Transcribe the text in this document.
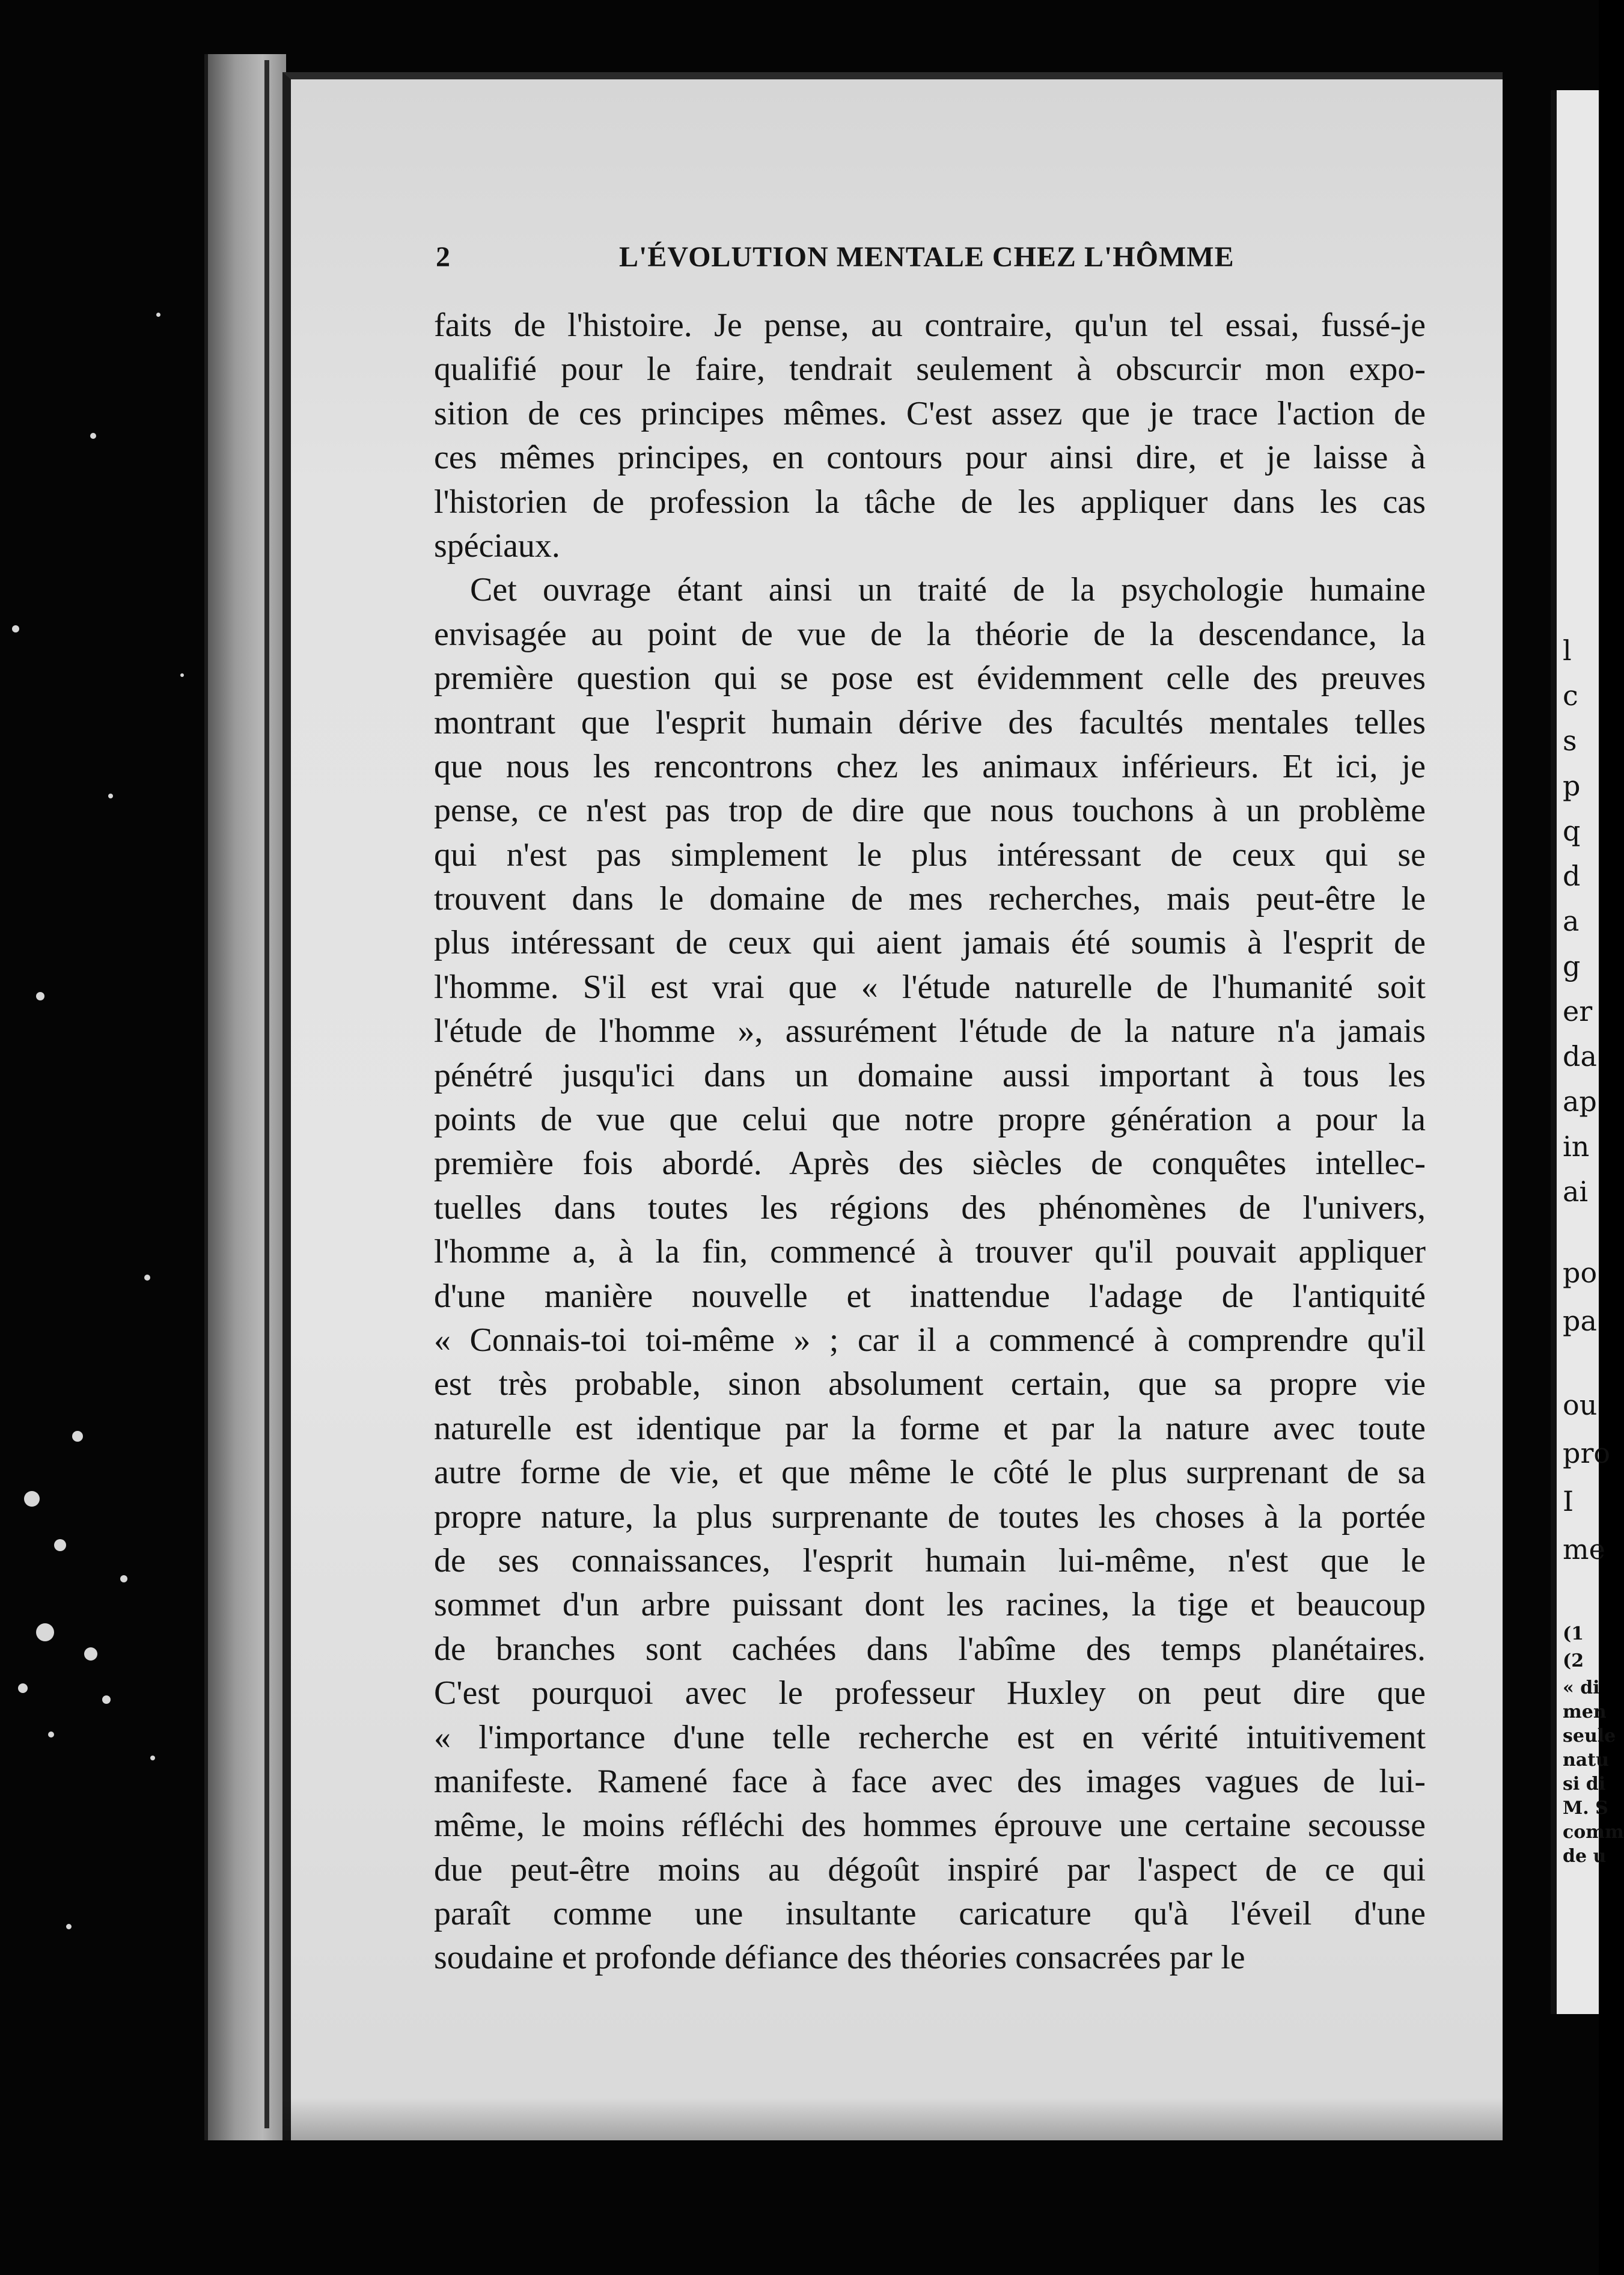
2	L'ÉVOLUTION MENTALE CHEZ L'HÔMME
faits de l'histoire. Je pense, au contraire, qu'un tel essai, fussé-je
qualifié pour le faire, tendrait seulement à obscurcir mon expo-
sition de ces principes mêmes. C'est assez que je trace l'action de
ces mêmes principes, en contours pour ainsi dire, et je laisse à
l'historien de profession la tâche de les appliquer dans les cas
spéciaux.
Cet ouvrage étant ainsi un traité de la psychologie humaine
envisagée au point de vue de la théorie de la descendance, la
première question qui se pose est évidemment celle des preuves
montrant que l'esprit humain dérive des facultés mentales telles
que nous les rencontrons chez les animaux inférieurs. Et ici, je
pense, ce n'est pas trop de dire que nous touchons à un problème
qui n'est pas simplement le plus intéressant de ceux qui se
trouvent dans le domaine de mes recherches, mais peut-être le
plus intéressant de ceux qui aient jamais été soumis à l'esprit de
l'homme. S'il est vrai que « l'étude naturelle de l'humanité soit
l'étude de l'homme », assurément l'étude de la nature n'a jamais
pénétré jusqu'ici dans un domaine aussi important à tous les
points de vue que celui que notre propre génération a pour la
première fois abordé. Après des siècles de conquêtes intellec-
tuelles dans toutes les régions des phénomènes de l'univers,
l'homme a, à la fin, commencé à trouver qu'il pouvait appliquer
d'une manière nouvelle et inattendue l'adage de l'antiquité
« Connais-toi toi-même » ; car il a commencé à comprendre qu'il
est très probable, sinon absolument certain, que sa propre vie
naturelle est identique par la forme et par la nature avec toute
autre forme de vie, et que même le côté le plus surprenant de sa
propre nature, la plus surprenante de toutes les choses à la portée
de ses connaissances, l'esprit humain lui-même, n'est que le
sommet d'un arbre puissant dont les racines, la tige et beaucoup
de branches sont cachées dans l'abîme des temps planétaires.
C'est pourquoi avec le professeur Huxley on peut dire que
« l'importance d'une telle recherche est en vérité intuitivement
manifeste. Ramené face à face avec des images vagues de lui-
même, le moins réfléchi des hommes éprouve une certaine secousse
due peut-être moins au dégoût inspiré par l'aspect de ce qui
paraît comme une insultante caricature qu'à l'éveil d'une
soudaine et profonde défiance des théories consacrées par le
l
c
s
p
q
d
a
g
er
da
ap
in
ai
po
pa
ou
pro
I
me
(1
(2
« di
men
seule
natu
si di
M. S
comm
de u
